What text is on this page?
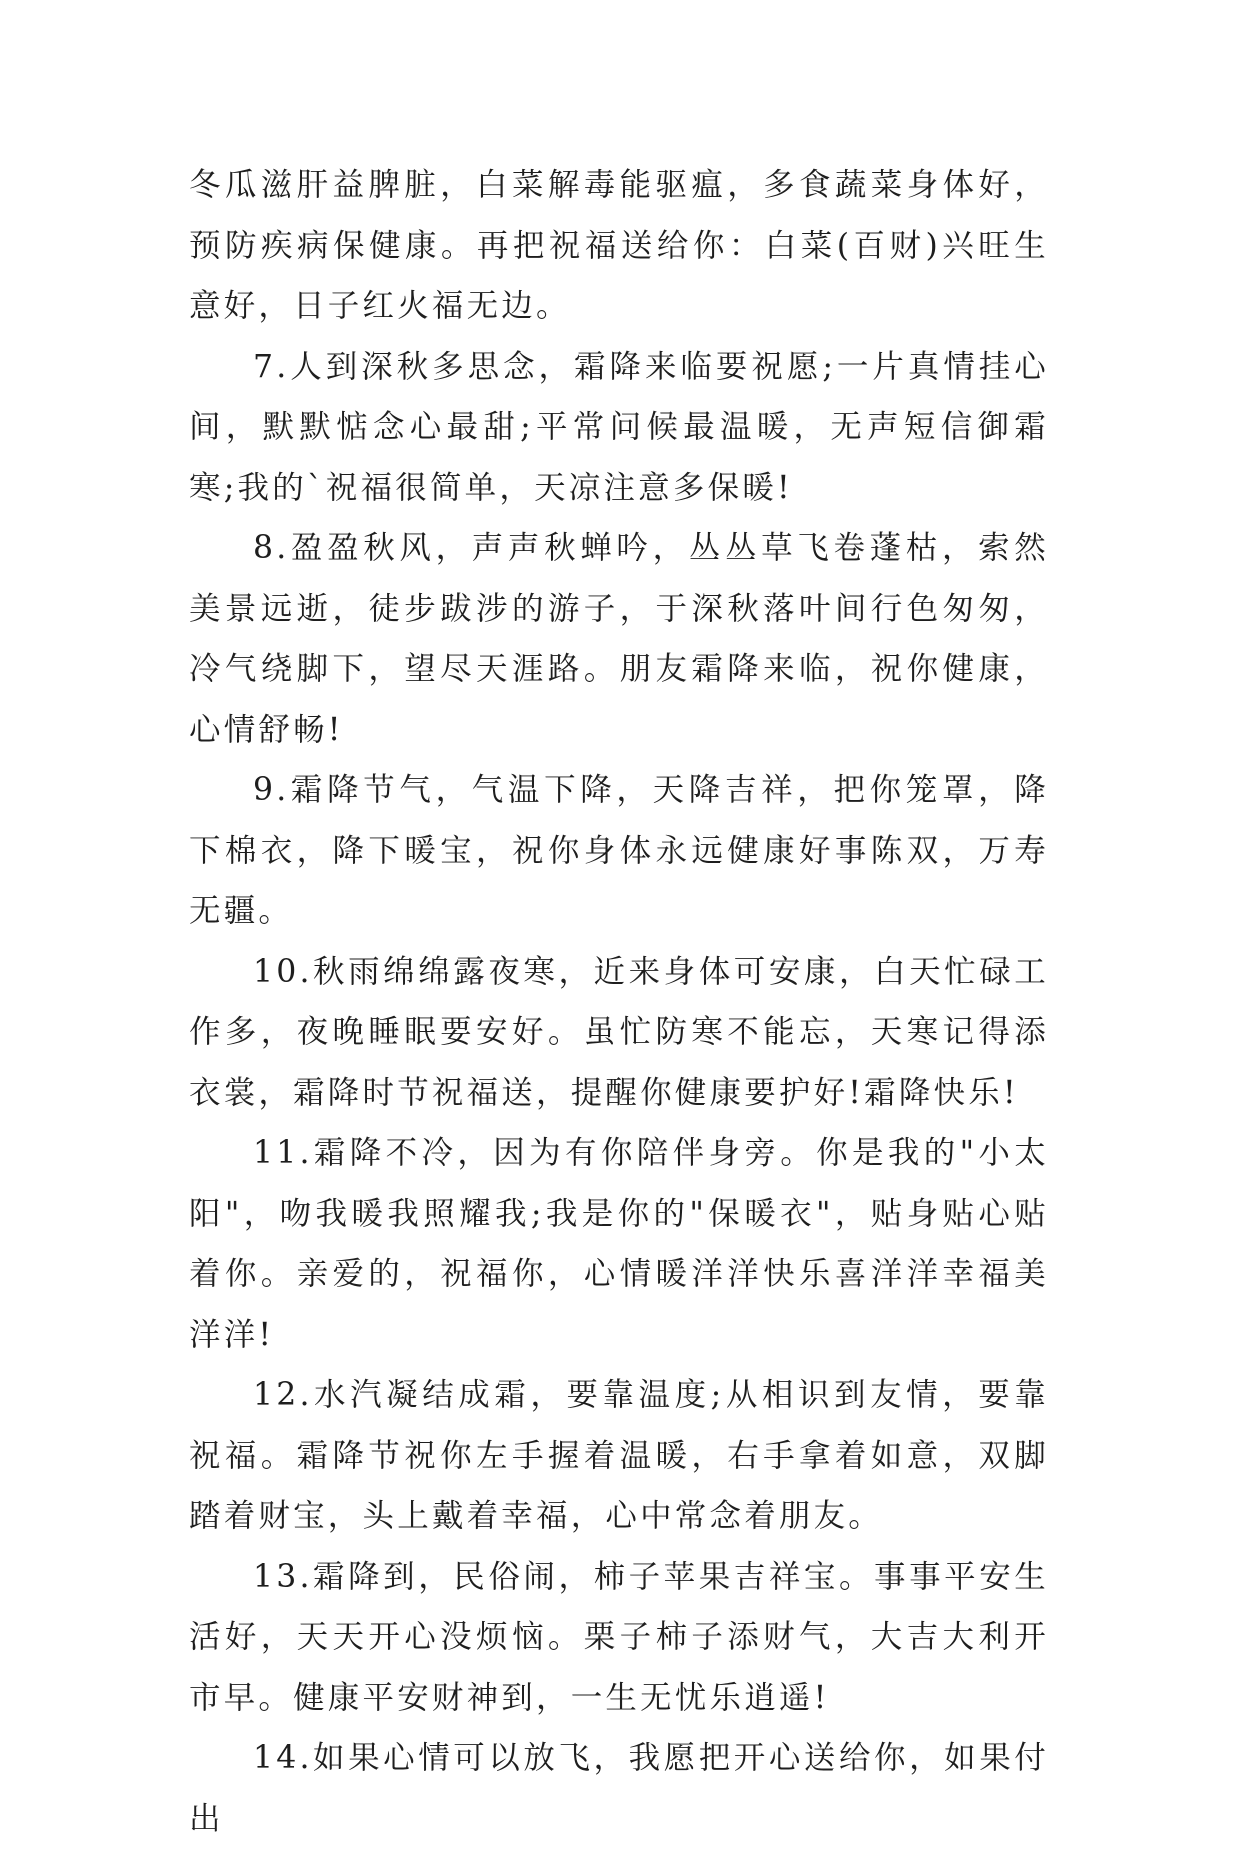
冬瓜滋肝益脾脏，白菜解毒能驱瘟，多食蔬菜身体好，预防疾病保健康。再把祝福送给你：白菜(百财)兴旺生意好，日子红火福无边。

7.人到深秋多思念，霜降来临要祝愿;一片真情挂心间，默默惦念心最甜;平常问候最温暖，无声短信御霜寒;我的`祝福很简单，天凉注意多保暖!

8.盈盈秋风，声声秋蝉吟，丛丛草飞卷蓬枯，索然美景远逝，徒步跋涉的游子，于深秋落叶间行色匆匆，冷气绕脚下，望尽天涯路。朋友霜降来临，祝你健康，心情舒畅!

9.霜降节气，气温下降，天降吉祥，把你笼罩，降下棉衣，降下暖宝，祝你身体永远健康好事陈双，万寿无疆。

10.秋雨绵绵露夜寒，近来身体可安康，白天忙碌工作多，夜晚睡眠要安好。虽忙防寒不能忘，天寒记得添衣裳，霜降时节祝福送，提醒你健康要护好!霜降快乐!

11.霜降不冷，因为有你陪伴身旁。你是我的"小太阳"，吻我暖我照耀我;我是你的"保暖衣"，贴身贴心贴着你。亲爱的，祝福你，心情暖洋洋快乐喜洋洋幸福美洋洋!

12.水汽凝结成霜，要靠温度;从相识到友情，要靠祝福。霜降节祝你左手握着温暖，右手拿着如意，双脚踏着财宝，头上戴着幸福，心中常念着朋友。

13.霜降到，民俗闹，柿子苹果吉祥宝。事事平安生活好，天天开心没烦恼。栗子柿子添财气，大吉大利开市早。健康平安财神到，一生无忧乐逍遥!

14.如果心情可以放飞，我愿把开心送给你，如果付出
